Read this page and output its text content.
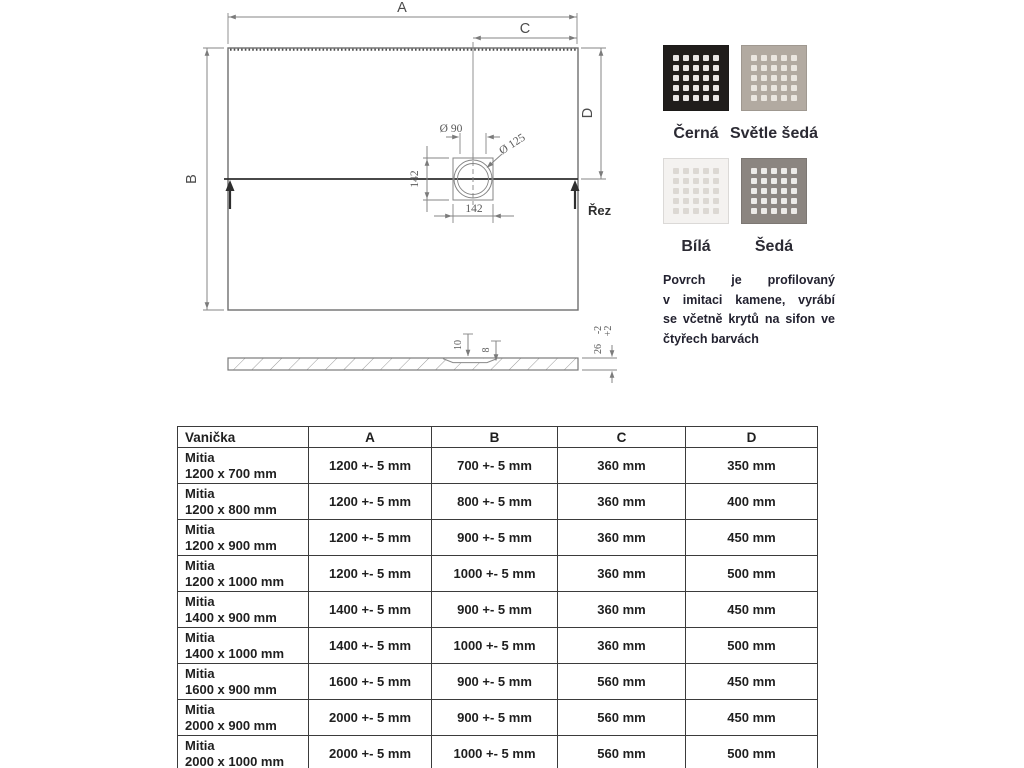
A
C
B
D
Řez
Ø 90
Ø 125
142
142
10 8	26
-2 +2
Černá Světle šedá
Bílá	Šedá
Povrch je profilovaný
v imitaci kamene, vyrábí
se včetně krytů na sifon ve
čtyřech barvách
Vanička	A	B	C	D

Mitia
1200 x 700 mm	1200 +- 5 mm	700 +- 5 mm	360 mm	350 mm

Mitia
1200 x 800 mm	1200 +- 5 mm	800 +- 5 mm	360 mm	400 mm

Mitia
1200 x 900 mm	1200 +- 5 mm	900 +- 5 mm	360 mm	450 mm

Mitia
1200 x 1000 mm	1200 +- 5 mm	1000 +- 5 mm	360 mm	500 mm

Mitia
1400 x 900 mm	1400 +- 5 mm	900 +- 5 mm	360 mm	450 mm

Mitia
1400 x 1000 mm	1400 +- 5 mm	1000 +- 5 mm	360 mm	500 mm

Mitia
1600 x 900 mm	1600 +- 5 mm	900 +- 5 mm	560 mm	450 mm

Mitia
2000 x 900 mm	2000 +- 5 mm	900 +- 5 mm	560 mm	450 mm

Mitia
2000 x 1000 mm	2000 +- 5 mm	1000 +- 5 mm	560 mm	500 mm
